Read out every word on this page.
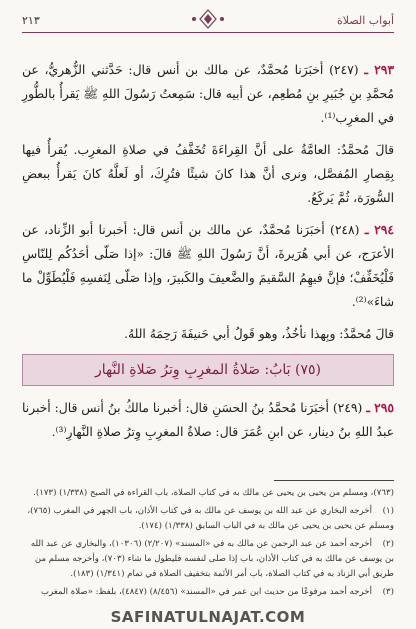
أبواب الصلاة
٢١٣

٢٩٣ ـ (٢٤٧) أخبَرَنا مُحمَّدٌ، عن مالك بن أنس قال: حَدَّثني الزُّهريُّ، عن مُحمَّدِ بنِ جُبَيرِ بنِ مُطعِم، عن أبيه قال: سَمِعتُ رَسُولَ اللهِ ﷺ يَقرأُ بالطُّورِ في المغرِب⁽¹⁾.

قالَ مُحمَّدٌ: العامَّةُ على أنَّ القِراءَةَ تُخَفَّفُ في صلاةِ المغرِب. يُقرأُ فيها بِقِصارِ المُفصَّل، ونرى أنَّ هذا كانَ شيئًا فتُرِكَ، أو لَعلَّهُ كانَ يَقرأُ ببعضِ السُّورَة، ثُمَّ يَركَعُ.

٢٩٤ ـ (٢٤٨) أخبَرَنا مُحمَّدٌ، عن مالك بن أنس قال: أخبرنا أبو الزِّناد، عن الأعرَج، عن أبي هُرَيرةَ، أنَّ رَسُولَ اللهِ ﷺ قالَ: «إذا صَلّى أحَدُكُم لِلنّاسِ فَلْيُخَفِّفْ؛ فإنَّ فيهِمُ السَّقيمَ والضَّعيفَ والكَبيرَ، وإذا صَلّى لِنَفسِهِ فَلْيُطَوِّلْ ما شاءَ»⁽²⁾.

قالَ مُحمَّدٌ: وبِهذا نأخُذُ، وهو قَولُ أبي حَنيفَةَ رَحِمَهُ اللهُ.

(٧٥) بَابُ: صَلاةُ المغرِبِ وِترُ صَلاةِ النَّهار

٢٩٥ ـ (٢٤٩) أخبَرَنا مُحمَّدُ بنُ الحسَنِ قال: أخبرنا مالكُ بنُ أنس قال: أخبرنا عبدُ اللهِ بنُ دينار، عن ابنِ عُمَرَ قال: صلاةُ المغرِبِ وِترُ صلاةِ النَّهارِ⁽³⁾.

(٧٦٣)، ومسلم من يحيى بن يحيى عن مالك به في كتاب الصلاة، باب القراءة في الصبح (١/٣٣٨) (١٧٣).

(١)أخرجه البخاري عن عبد الله بن يوسف عن مالك به في كتاب الأذان، باب الجهر في المغرب (٧٦٥)، ومسلم عن يحيى بن يحيى عن مالك به في الباب السابق (١/٣٣٨) (١٧٤).

(٢)أخرجه أحمد عن عبد الرحمن عن مالك به في «المسند» (٢/٢٠٧) (١٠٣٠٦)، والبخاري عن عبد الله بن يوسف عن مالك به في كتاب الأذان، باب إذا صلى لنفسه فليطول ما شاء (٧٠٣)، وأخرجه مسلم من طريق أبي الزناد به في كتاب الصلاة، باب أمر الأئمة بتخفيف الصلاة في تمام (١/٣٤١) (١٨٣).

(٣)أخرجه أحمد مرفوعًا من حديث ابن عمر في «المسند» (٨/٤٥٦) (٤٨٤٧)، بلفظ: «صلاة المغرب

SAFINATULNAJAT.COM
